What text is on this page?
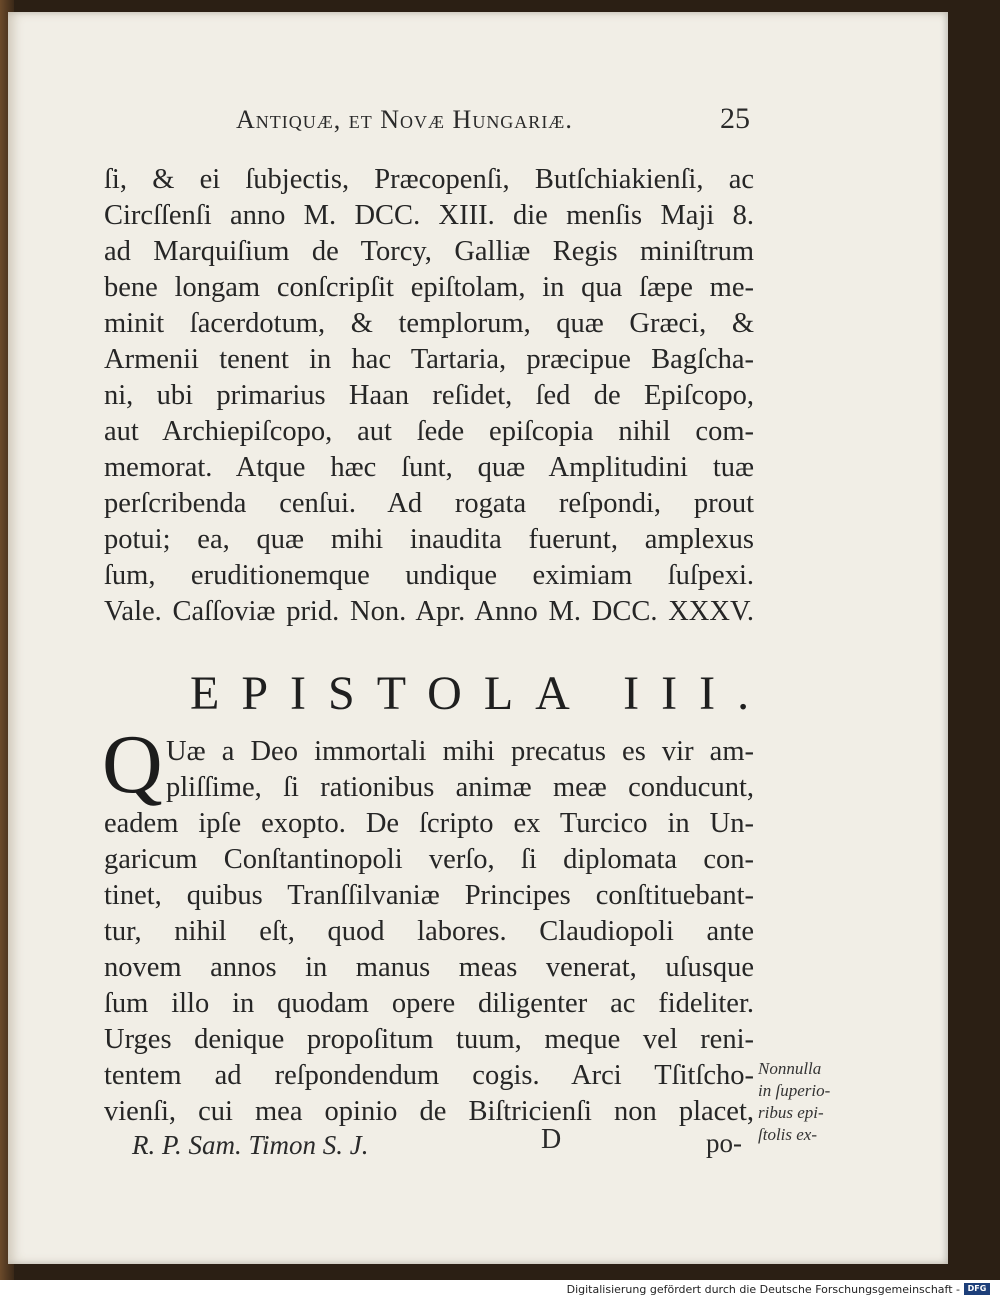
Antiquæ, et Novæ Hungariæ.	25
ſi, & ei ſubjectis, Præcopenſi, Butſchiakienſi, ac
Circſſenſi anno M. DCC. XIII. die menſis Maji 8.
ad Marquiſium de Torcy, Galliæ Regis miniſtrum
bene longam conſcripſit epiſtolam, in qua ſæpe me-
minit ſacerdotum, & templorum, quæ Græci, &
Armenii tenent in hac Tartaria, præcipue Bagſcha-
ni, ubi primarius Haan reſidet, ſed de Epiſcopo,
aut Archiepiſcopo, aut ſede epiſcopia nihil com-
memorat. Atque hæc ſunt, quæ Amplitudini tuæ
perſcribenda cenſui. Ad rogata reſpondi, prout
potui; ea, quæ mihi inaudita fuerunt, amplexus
ſum, eruditionemque undique eximiam ſuſpexi.
Vale. Caſſoviæ prid. Non. Apr. Anno M. DCC. XXXV.
EPISTOLA III.
Q Uæ a Deo immortali mihi precatus es vir am-
pliſſime, ſi rationibus animæ meæ conducunt,
eadem ipſe exopto. De ſcripto ex Turcico in Un-
garicum Conſtantinopoli verſo, ſi diplomata con-
tinet, quibus Tranſſilvaniæ Principes conſtituebant-
tur, nihil eſt, quod labores. Claudiopoli ante
novem annos in manus meas venerat, uſusque
ſum illo in quodam opere diligenter ac fideliter.
Urges denique propoſitum tuum, meque vel reni-
tentem ad reſpondendum cogis. Arci Tſitſcho-
vienſi, cui mea opinio de Biſtricienſi non placet,
Nonnulla
in ſuperio-
ribus epi-
ſtolis ex-
R. P. Sam. Timon S. J.	D	po-
Digitalisierung gefördert durch die Deutsche Forschungsgemeinschaft - DFG
